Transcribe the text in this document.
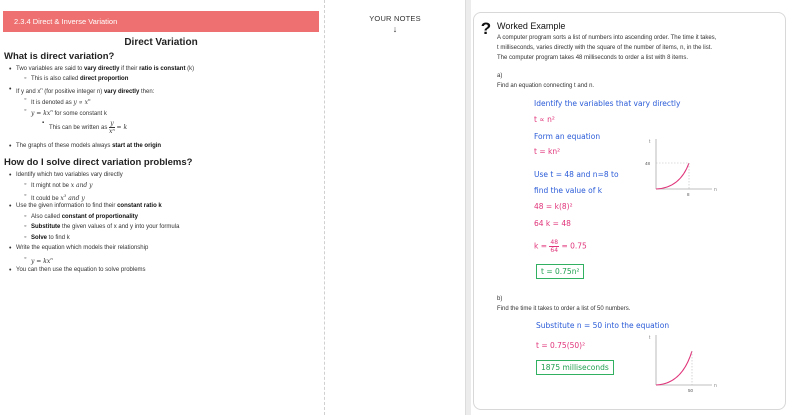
2.3.4 Direct & Inverse Variation
Direct Variation
What is direct variation?
• Two variables are said to vary directly if their ratio is constant (k)
◦ This is also called direct proportion
• If y and $x^n$ (for positive integer n) vary directly then:
◦ It is denoted as $y \propto x^n$
◦ $y = kx^n$ for some constant k
▪ This can be written as $\frac{y}{\text{xⁿ}} = k$
• The graphs of these models always start at the origin
How do I solve direct variation problems?
• Identify which two variables vary directly
◦ It might not be x and y
◦ It could be $x^3$ and y
• Use the given information to find their constant ratio k
◦ Also called constant of proportionality
◦ Substitute the given values of x and y into your formula
◦ Solve to find k
• Write the equation which models their relationship
◦ $y = kx^n$
• You can then use the equation to solve problems
YOUR NOTES
↓	? Worked Example
A computer program sorts a list of numbers into ascending order. The time it takes,
t milliseconds, varies directly with the square of the number of items, n, in the list.
The computer program takes 48 milliseconds to order a list with 8 items.
a)
Find an equation connecting t and n.
Identify the variables that vary directly
t ∝ n²
Form an equation
t = kn²
Use t = 48 and n=8 to
find the value of k
48 = k(8)²
64 k = 48
$k = \frac{48}{64} = 0.75$
t = 0.75n²
t
n
48
8
b)
Find the time it takes to order a list of 50 numbers.
Substitute n = 50 into the equation
t = 0.75(50)²
1875 milliseconds
t
n
50
